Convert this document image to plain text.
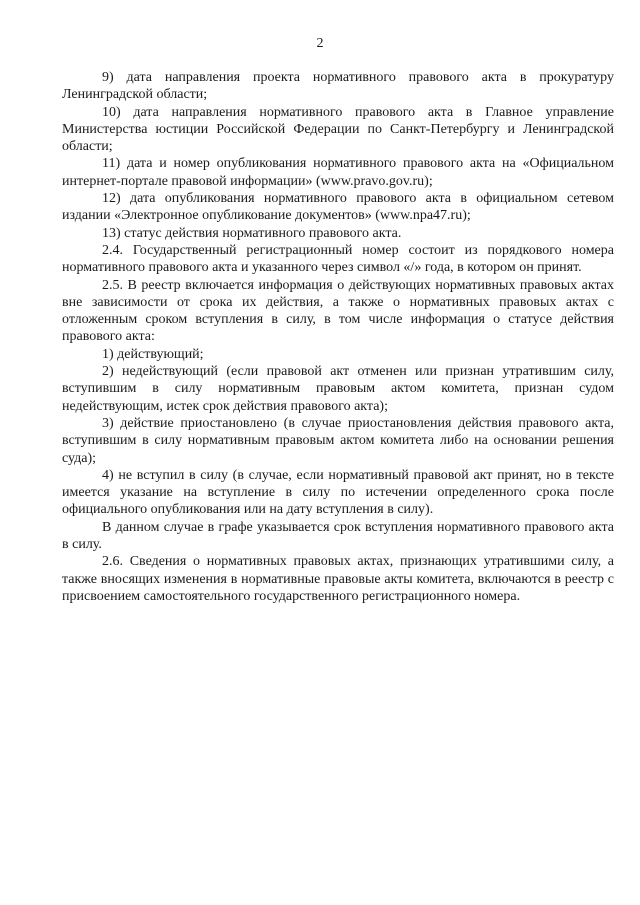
2

9) дата направления проекта нормативного правового акта в прокуратуру Ленинградской области;

10) дата направления нормативного правового акта в Главное управление Министерства юстиции Российской Федерации по Санкт-Петербургу и Ленинградской области;

11) дата и номер опубликования нормативного правового акта на «Официальном интернет-портале правовой информации» (www.pravo.gov.ru);

12) дата опубликования нормативного правового акта в официальном сетевом издании «Электронное опубликование документов» (www.npa47.ru);

13) статус действия нормативного правового акта.

2.4. Государственный регистрационный номер состоит из порядкового номера нормативного правового акта и указанного через символ «/» года, в котором он принят.

2.5. В реестр включается информация о действующих нормативных правовых актах вне зависимости от срока их действия, а также о нормативных правовых актах с отложенным сроком вступления в силу, в том числе информация о статусе действия правового акта:

1) действующий;

2) недействующий (если правовой акт отменен или признан утратившим силу, вступившим в силу нормативным правовым актом комитета, признан судом недействующим, истек срок действия правового акта);

3) действие приостановлено (в случае приостановления действия правового акта, вступившим в силу нормативным правовым актом комитета либо на основании решения суда);

4) не вступил в силу (в случае, если нормативный правовой акт принят, но в тексте имеется указание на вступление в силу по истечении определенного срока после официального опубликования или на дату вступления в силу).

В данном случае в графе указывается срок вступления нормативного правового акта в силу.

2.6. Сведения о нормативных правовых актах, признающих утратившими силу, а также вносящих изменения в нормативные правовые акты комитета, включаются в реестр с присвоением самостоятельного государственного регистрационного номера.
